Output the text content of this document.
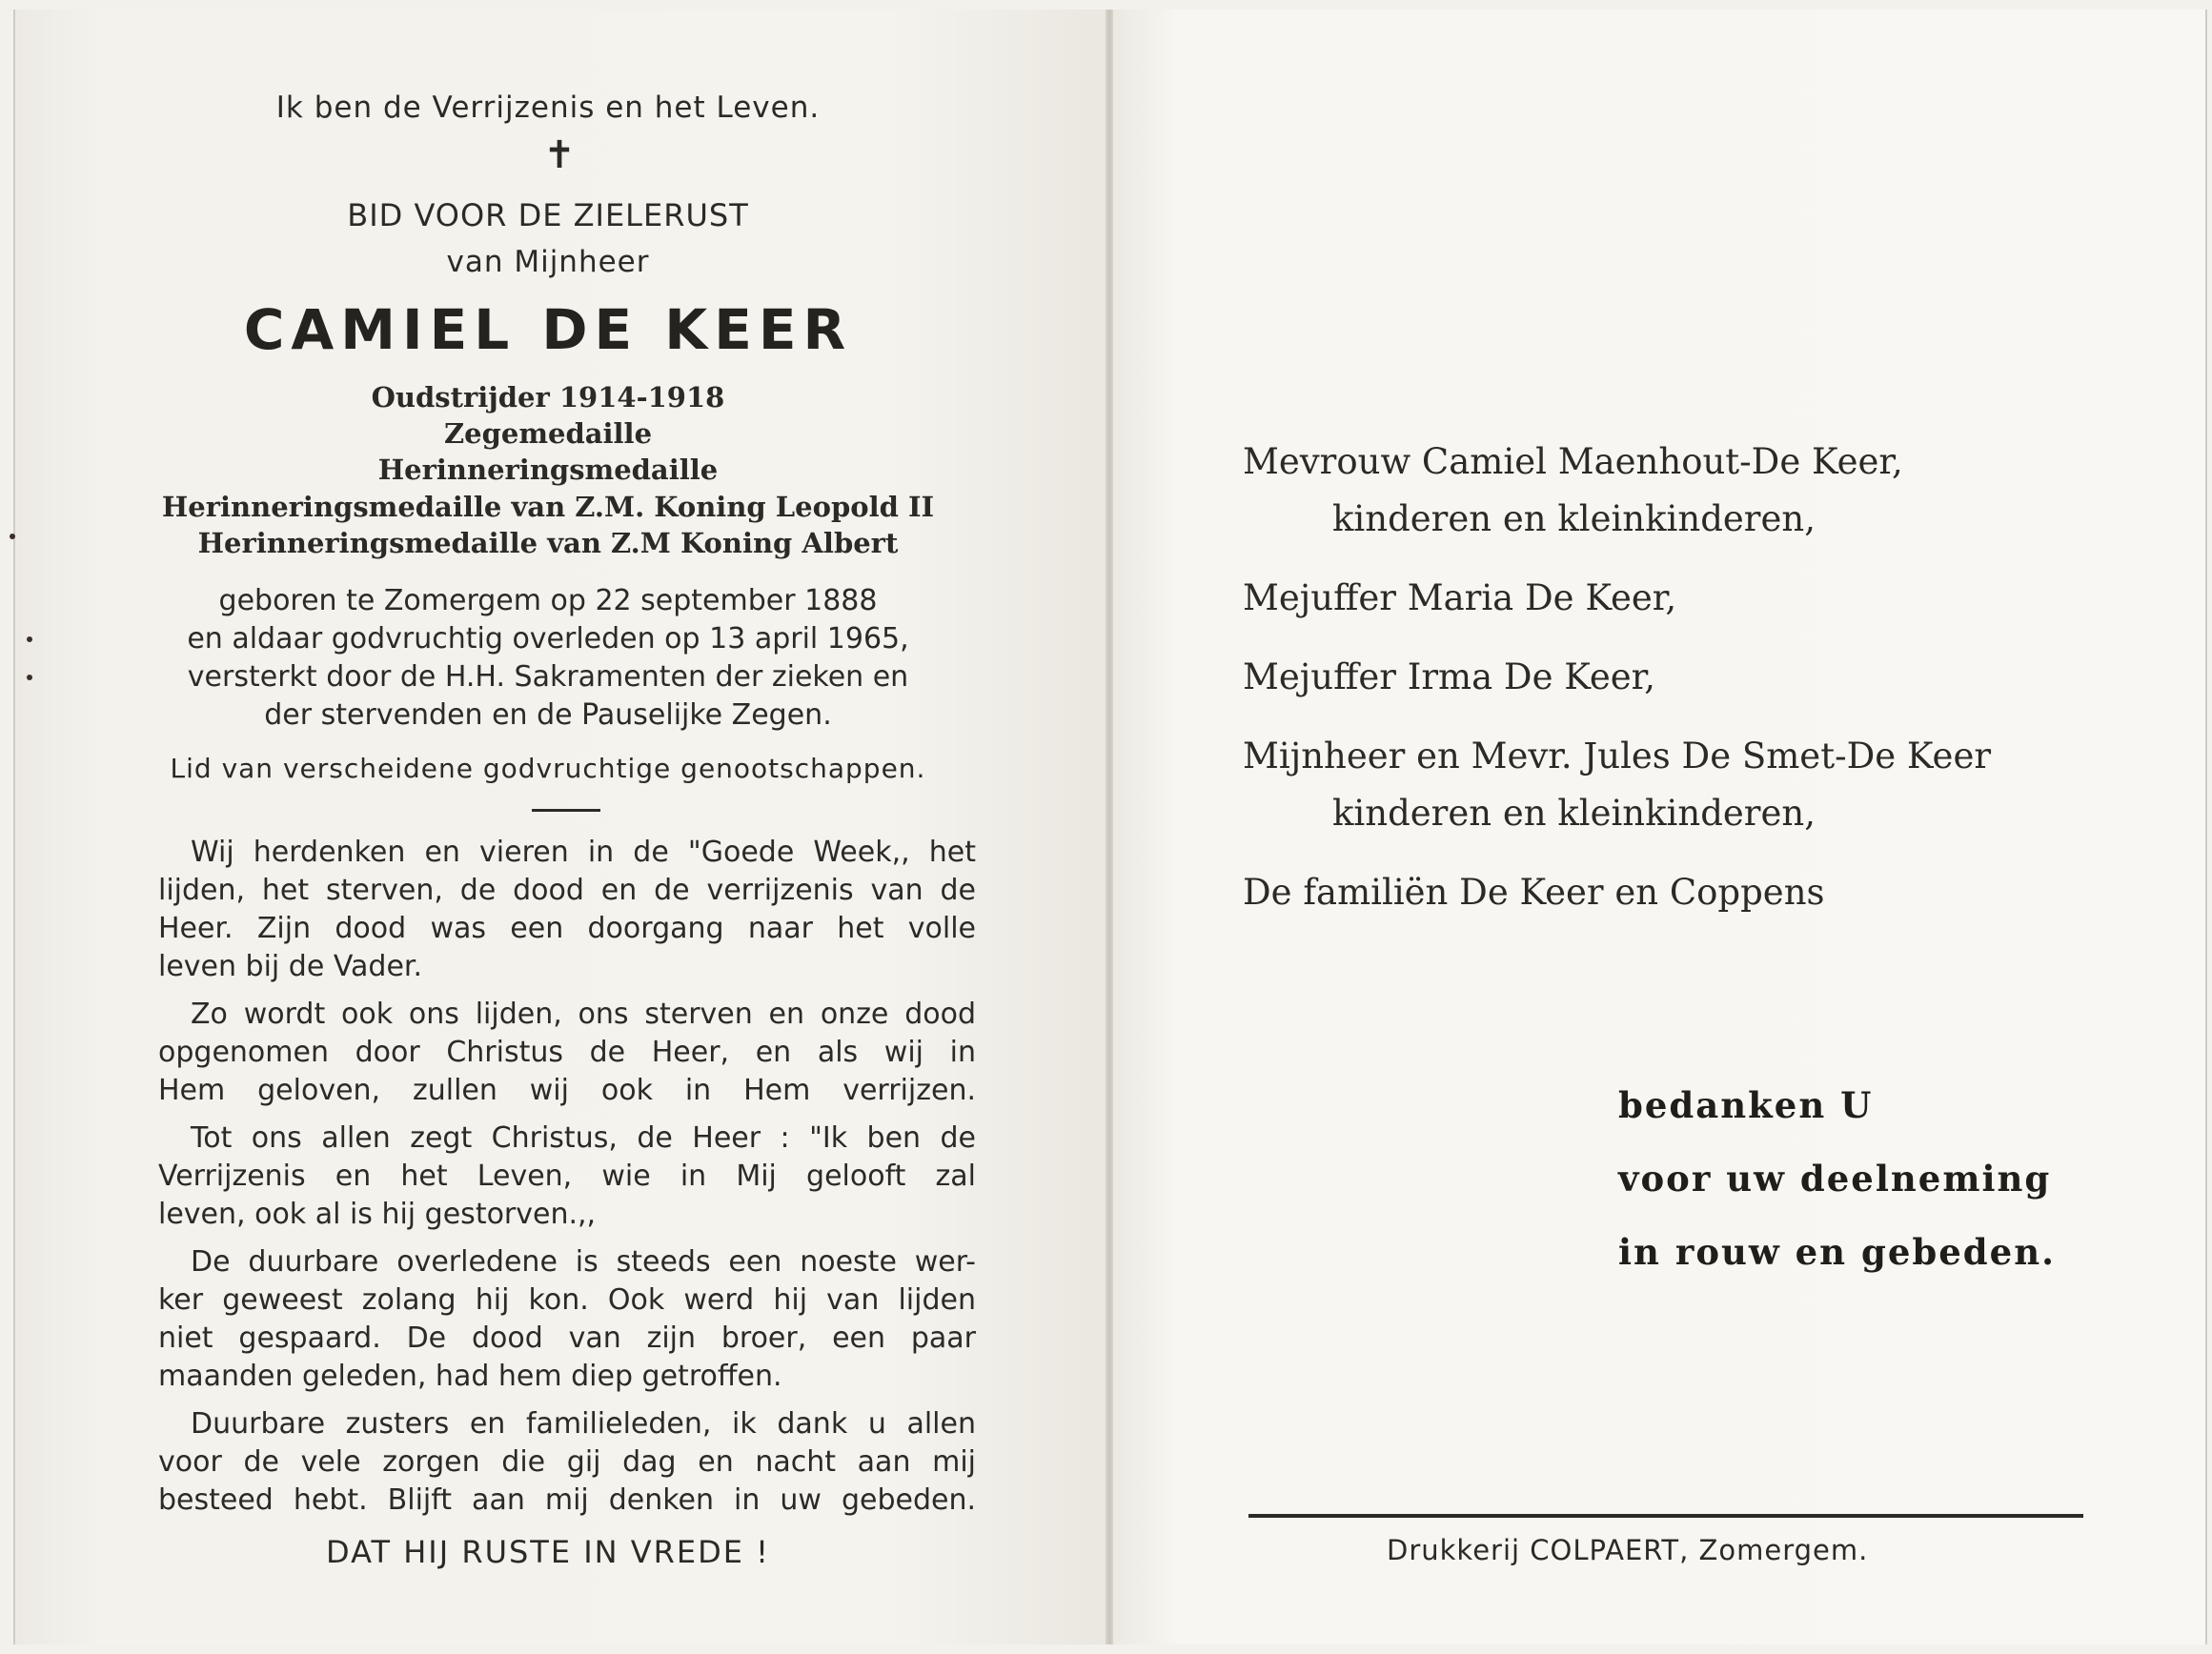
Ik ben de Verrijzenis en het Leven.

✝

BID VOOR DE ZIELERUST

van Mijnheer

CAMIEL DE KEER

Oudstrijder 1914-1918

Zegemedaille

Herinneringsmedaille

Herinneringsmedaille van Z.M. Koning Leopold II

Herinneringsmedaille van Z.M Koning Albert

geboren te Zomergem op 22 september 1888

en aldaar godvruchtig overleden op 13 april 1965,

versterkt door de H.H. Sakramenten der zieken en

der stervenden en de Pauselijke Zegen.

Lid van verscheidene godvruchtige genootschappen.

Wij herdenken en vieren in de "Goede Week,, het

lijden, het sterven, de dood en de verrijzenis van de

Heer. Zijn dood was een doorgang naar het volle

leven bij de Vader.

Zo wordt ook ons lijden, ons sterven en onze dood

opgenomen door Christus de Heer, en als wij in

Hem geloven, zullen wij ook in Hem verrijzen.

Tot ons allen zegt Christus, de Heer : "Ik ben de

Verrijzenis en het Leven, wie in Mij gelooft zal

leven, ook al is hij gestorven.,,

De duurbare overledene is steeds een noeste wer-

ker geweest zolang hij kon. Ook werd hij van lijden

niet gespaard. De dood van zijn broer, een paar

maanden geleden, had hem diep getroffen.

Duurbare zusters en familieleden, ik dank u allen

voor de vele zorgen die gij dag en nacht aan mij

besteed hebt. Blijft aan mij denken in uw gebeden.

DAT HIJ RUSTE IN VREDE !

Mevrouw Camiel Maenhout-De Keer,

kinderen en kleinkinderen,

Mejuffer Maria De Keer,

Mejuffer Irma De Keer,

Mijnheer en Mevr. Jules De Smet-De Keer

kinderen en kleinkinderen,

De familiën De Keer en Coppens

bedanken U

voor uw deelneming

in rouw en gebeden.

Drukkerij COLPAERT, Zomergem.
